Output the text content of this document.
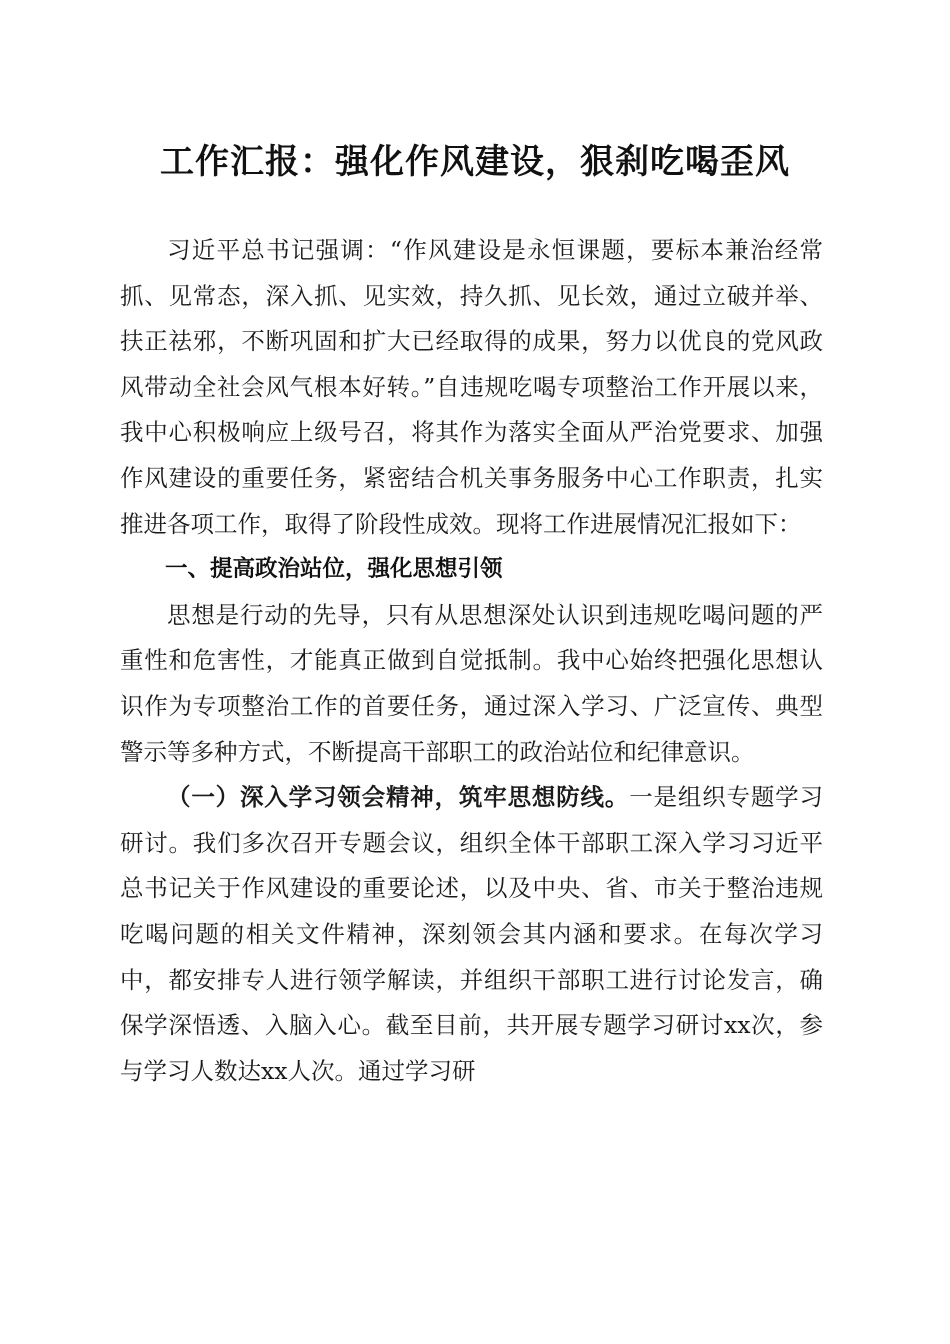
工作汇报：强化作风建设，狠刹吃喝歪风

习近平总书记强调：“作风建设是永恒课题，要标本兼治经常抓、见常态，深入抓、见实效，持久抓、见长效，通过立破并举、扶正祛邪，不断巩固和扩大已经取得的成果，努力以优良的党风政风带动全社会风气根本好转。”自违规吃喝专项整治工作开展以来，我中心积极响应上级号召，将其作为落实全面从严治党要求、加强作风建设的重要任务，紧密结合机关事务服务中心工作职责，扎实推进各项工作，取得了阶段性成效。现将工作进展情况汇报如下：

一、提高政治站位，强化思想引领

思想是行动的先导，只有从思想深处认识到违规吃喝问题的严重性和危害性，才能真正做到自觉抵制。我中心始终把强化思想认识作为专项整治工作的首要任务，通过深入学习、广泛宣传、典型警示等多种方式，不断提高干部职工的政治站位和纪律意识。

（一）深入学习领会精神，筑牢思想防线。一是组织专题学习研讨。我们多次召开专题会议，组织全体干部职工深入学习习近平总书记关于作风建设的重要论述，以及中央、省、市关于整治违规吃喝问题的相关文件精神，深刻领会其内涵和要求。在每次学习中，都安排专人进行领学解读，并组织干部职工进行讨论发言，确保学深悟透、入脑入心。截至目前，共开展专题学习研讨xx次，参与学习人数达xx人次。通过学习研
